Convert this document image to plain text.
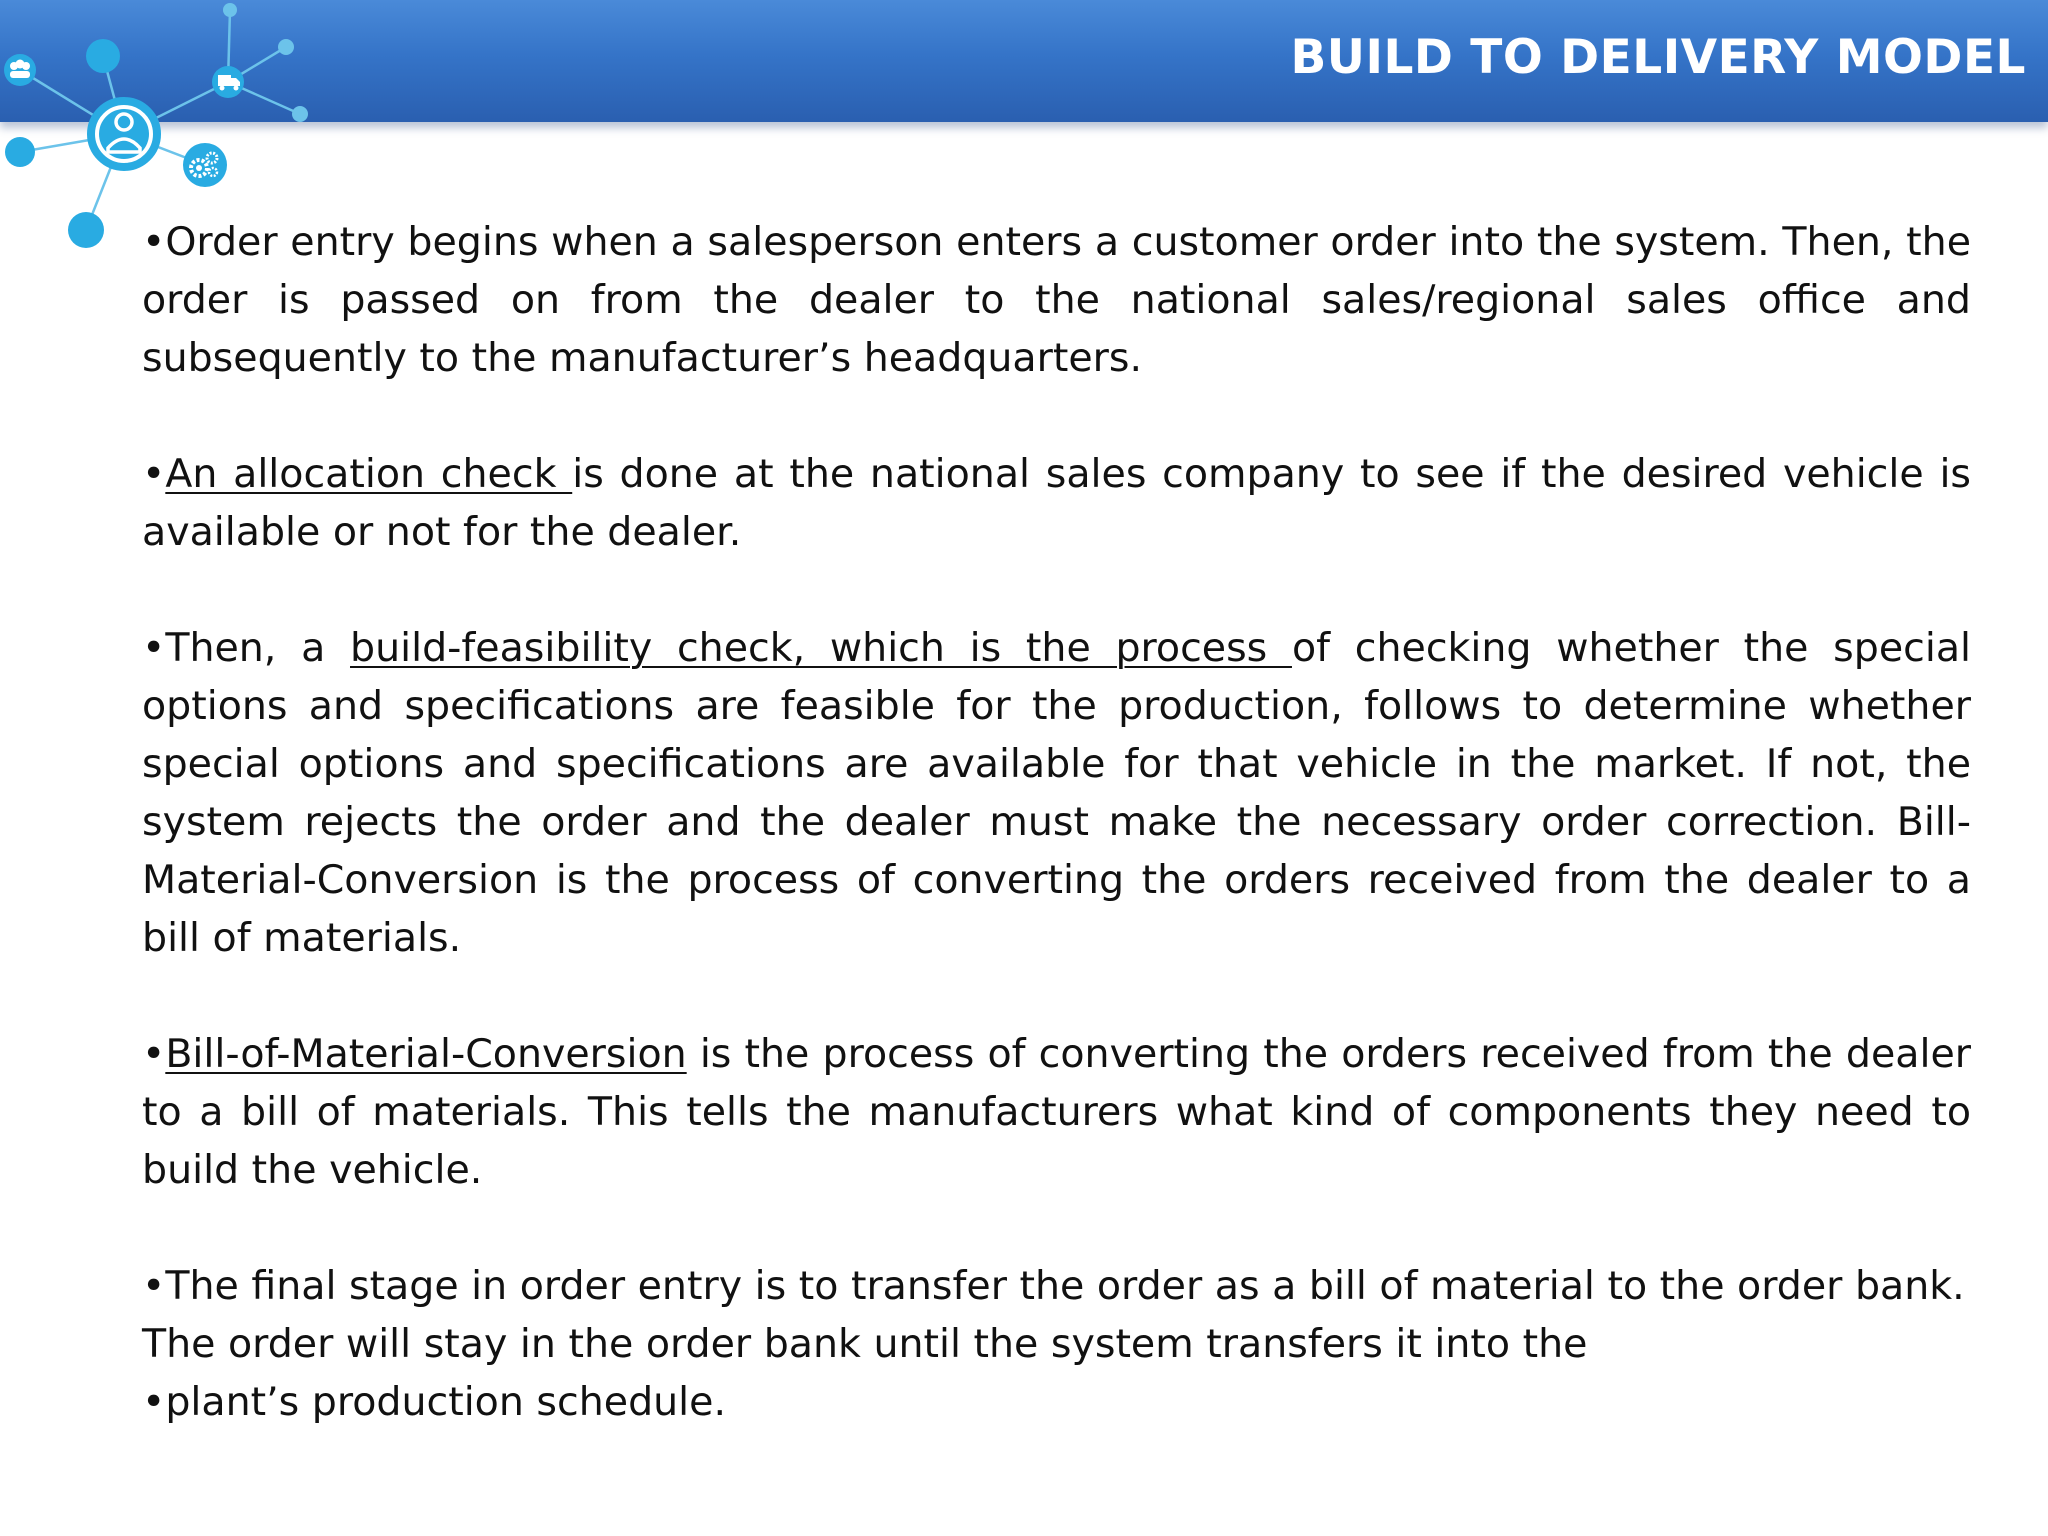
BUILD TO DELIVERY MODEL

•Order entry begins when a salesperson enters a customer order into the system. Then, the order is passed on from the dealer to the national sales/regional sales office and subsequently to the manufacturer’s headquarters.

•An allocation check is done at the national sales company to see if the desired vehicle is available or not for the dealer.

•Then, a build-feasibility check, which is the process of checking whether the special options and specifications are feasible for the production, follows to determine whether special options and specifications are available for that vehicle in the market. If not, the system rejects the order and the dealer must make the necessary order correction. Bill-Material-Conversion is the process of converting the orders received from the dealer to a bill of materials.

•Bill-of-Material-Conversion is the process of converting the orders received from the dealer to a bill of materials. This tells the manufacturers what kind of components they need to build the vehicle.

•The final stage in order entry is to transfer the order as a bill of material to the order bank.
The order will stay in the order bank until the system transfers it into the
•plant’s production schedule.
